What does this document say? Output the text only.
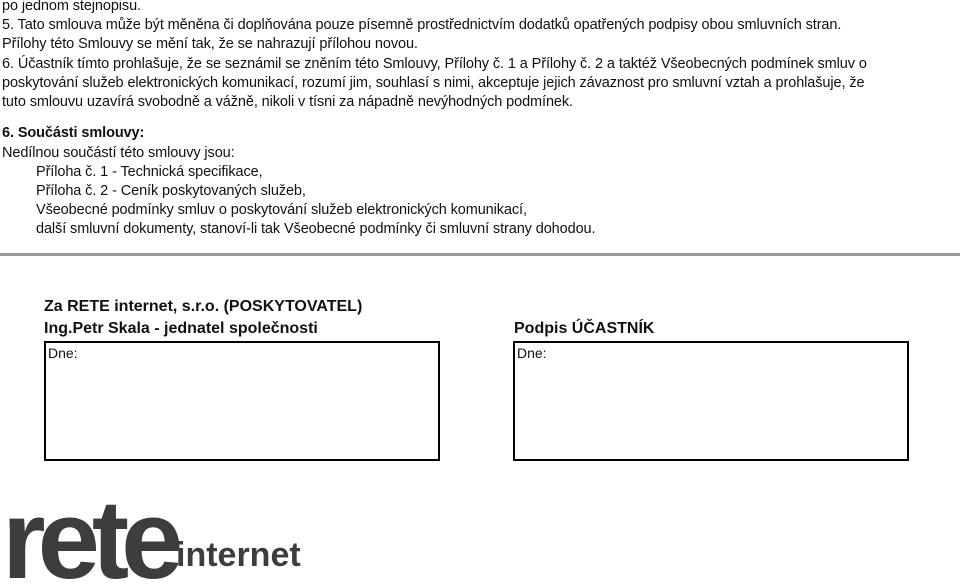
po jednom stejnopisu.
5. Tato smlouva může být měněna či doplňována pouze písemně prostřednictvím dodatků opatřených podpisy obou smluvních stran.
Přílohy této Smlouvy se mění tak, že se nahrazují přílohou novou.
6. Účastník tímto prohlašuje, že se seznámil se zněním této Smlouvy, Přílohy č. 1 a Přílohy č. 2 a taktéž Všeobecných podmínek smluv o
poskytování služeb elektronických komunikací, rozumí jim, souhlasí s nimi, akceptuje jejich závaznost pro smluvní vztah a prohlašuje, že
tuto smlouvu uzavírá svobodně a vážně, nikoli v tísni za nápadně nevýhodných podmínek.
6. Součásti smlouvy:
Nedílnou součástí této smlouvy jsou:
Příloha č. 1 - Technická specifikace,
Příloha č. 2 - Ceník poskytovaných služeb,
Všeobecné podmínky smluv o poskytování služeb elektronických komunikací,
další smluvní dokumenty, stanoví-li tak Všeobecné podmínky či smluvní strany dohodou.
Za RETE internet, s.r.o. (POSKYTOVATEL)
Ing.Petr Skala - jednatel společnosti
Dne:
Podpis ÚČASTNÍK
Dne:
rete internet
